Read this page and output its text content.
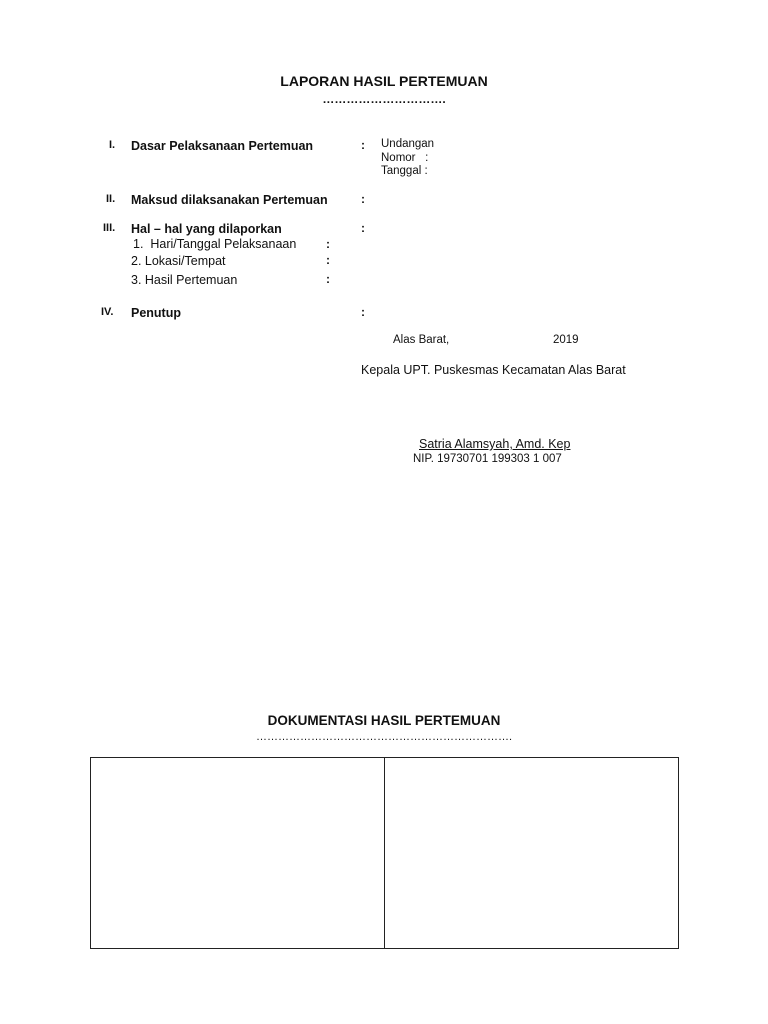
LAPORAN HASIL PERTEMUAN
………………………….
I. Dasar Pelaksanaan Pertemuan	: Undangan
Nomor   :
Tanggal :
II. Maksud dilaksanakan Pertemuan	:
III. Hal – hal yang dilaporkan	:
1.  Hari/Tanggal Pelaksanaan :
2. Lokasi/Tempat	:
3. Hasil Pertemuan	:
IV. Penutup	:
Alas Barat,	2019
Kepala UPT. Puskesmas Kecamatan Alas Barat
Satria Alamsyah, Amd. Kep
NIP. 19730701 199303 1 007
DOKUMENTASI HASIL PERTEMUAN
…………………………………………………………….
